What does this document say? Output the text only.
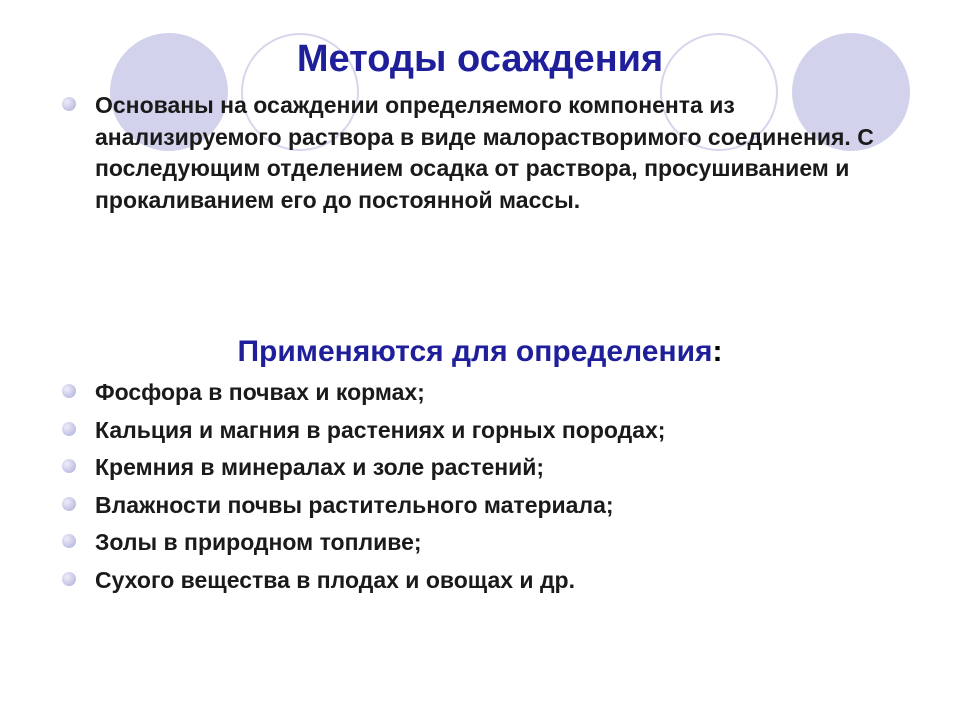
Методы осаждения

Основаны на осаждении определяемого компонента из анализируемого раствора в виде малорастворимого соединения. С последующим отделением осадка от раствора, просушиванием и прокаливанием его до постоянной массы.

Применяются для определения:
Фосфора в почвах и кормах;
Кальция и магния в растениях и горных породах;
Кремния в минералах и золе растений;
Влажности почвы растительного материала;
Золы в природном топливе;
Сухого вещества в плодах и овощах и др.
